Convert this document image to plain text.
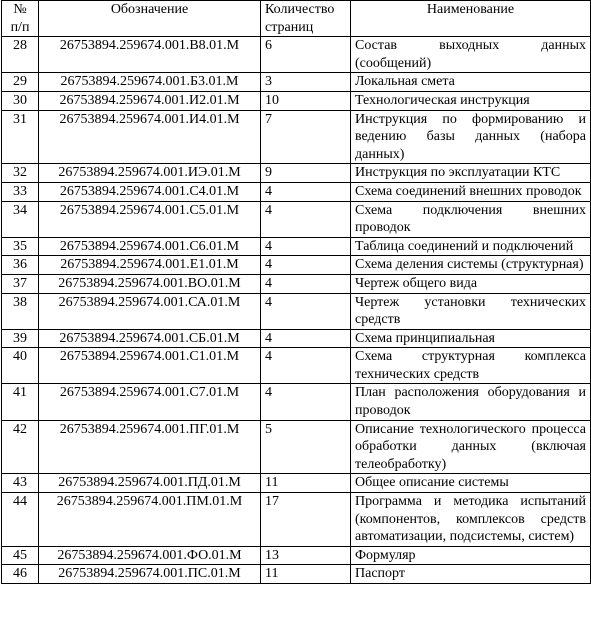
№ п/п	Обозначение	Количество страниц	Наименование
28	26753894.259674.001.В8.01.М	6	Состав выходных данных (сообщений)
29	26753894.259674.001.Б3.01.М	3	Локальная смета
30	26753894.259674.001.И2.01.М	10	Технологическая инструкция
31	26753894.259674.001.И4.01.М	7	Инструкция по формированию и ведению базы данных (набора данных)
32	26753894.259674.001.ИЭ.01.М	9	Инструкция по эксплуатации КТС
33	26753894.259674.001.С4.01.М	4	Схема соединений внешних проводок
34	26753894.259674.001.С5.01.М	4	Схема подключения внешних проводок
35	26753894.259674.001.С6.01.М	4	Таблица соединений и подключений
36	26753894.259674.001.Е1.01.М	4	Схема деления системы (структурная)
37	26753894.259674.001.ВО.01.М	4	Чертеж общего вида
38	26753894.259674.001.СА.01.М	4	Чертеж установки технических средств
39	26753894.259674.001.СБ.01.М	4	Схема принципиальная
40	26753894.259674.001.С1.01.М	4	Схема структурная комплекса технических средств
41	26753894.259674.001.С7.01.М	4	План расположения оборудования и проводок
42	26753894.259674.001.ПГ.01.М	5	Описание технологического процесса обработки данных (включая телеобработку)
43	26753894.259674.001.ПД.01.М	11	Общее описание системы
44	26753894.259674.001.ПМ.01.М	17	Программа и методика испытаний (компонентов, комплексов средств автоматизации, подсистемы, систем)
45	26753894.259674.001.ФО.01.М	13	Формуляр
46	26753894.259674.001.ПС.01.М	11	Паспорт
